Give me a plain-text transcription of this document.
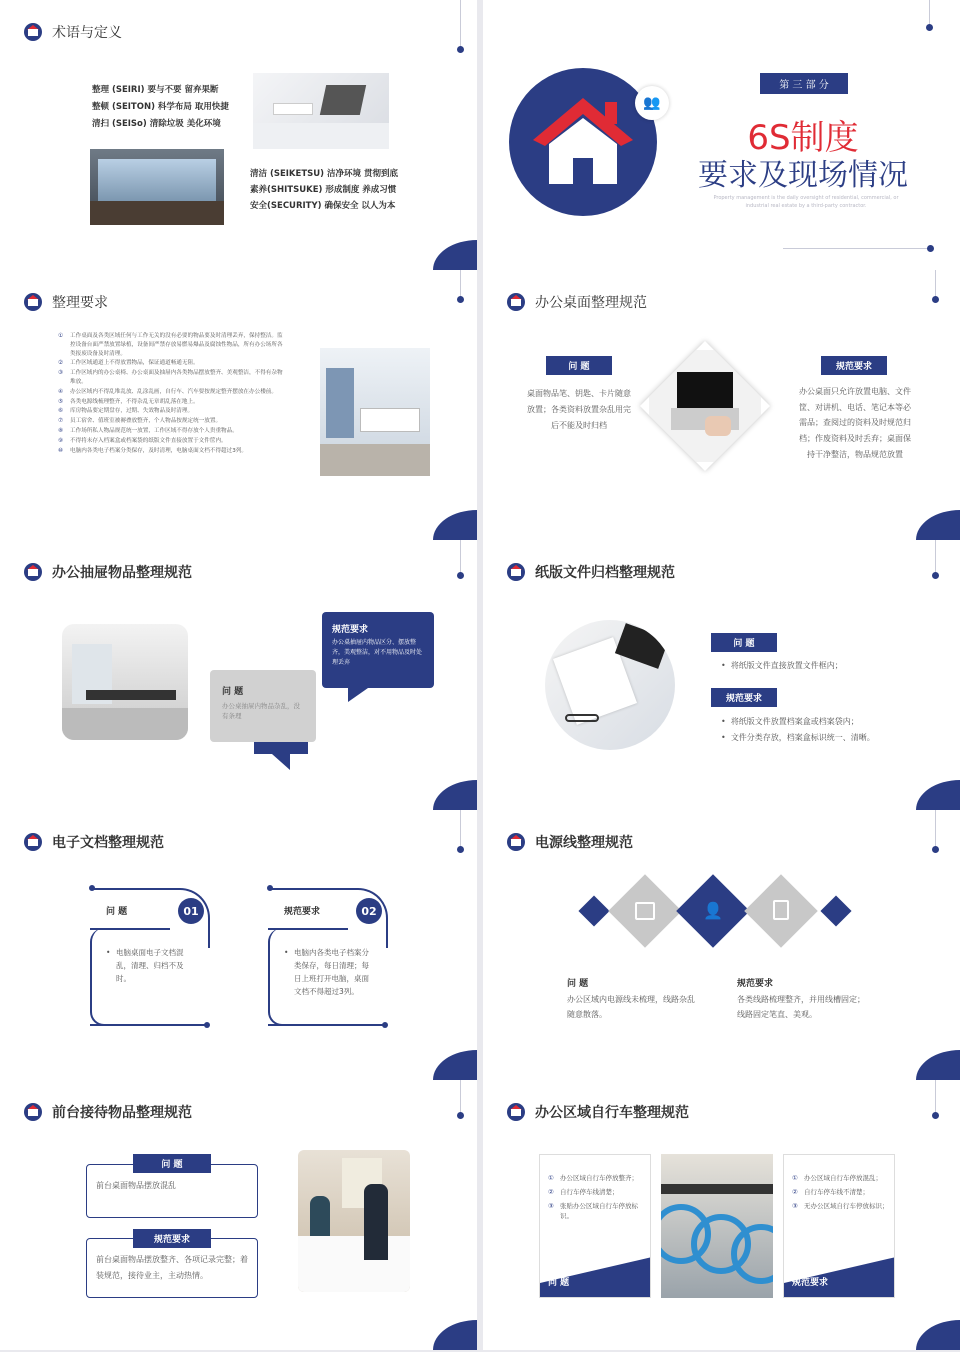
术语与定义
整理 (SEIRI) 要与不要 留弃果断
整顿 (SEITON) 科学布局 取用快捷
清扫 (SEISo) 清除垃圾 美化环境
清洁 (SEIKETSU) 洁净环境 贯彻到底
素养(SHITSUKE) 形成制度 养成习惯
安全(SECURITY) 确保安全 以人为本
👥
第 三 部 分
6S制度
要求及现场情况
Property management is the daily oversight of residential, commercial, or industrial real estate by a third-party contractor.
整理要求
①	工作桌面及各类区域任何与工作无关的没有必要的物品要及时清理丢弃，保持整洁。监控设备台面严禁放置绿植，设备间严禁存放易燃易爆品及腐蚀性物品，所有办公场所各类报废设备及时清理。
②	工作区域通道上不得放置物品，保证通道畅通无阻。
③	工作区域内的办公桌椅、办公桌面及抽屉内各类物品摆放整齐、美观整洁，不得有杂物堆放。
④	办公区域内不得乱堆乱放、乱涂乱画，自行车、汽车要按规定整齐摆放在办公楼前。
⑤	各类电源线梳理整齐，不得杂乱无章胡乱落在地上。
⑥	库房物品要定期盘存，过期、失效物品及时清理。
⑦	员工宿舍、值班室被褥叠放整齐，个人物品按规定统一放置。
⑧	工作场所私人物品规范统一放置，工作区域不得存放个人贵重物品。
⑨	不得将未存入档案盒或档案袋的纸版文件直接放置于文件筐内。
⑩	电脑内各类电子档案分类保存，及时清理，电脑桌面文档不得超过3列。
办公桌面整理规范
问 题
桌面物品笔、钥匙、卡片随意放置；各类资料放置杂乱用完后不能及时归档
规范要求
办公桌面只允许放置电脑、文件筐、对讲机、电话、笔记本等必需品；查阅过的资料及时规范归档；作废资料及时丢弃；桌面保持干净整洁，物品规范放置
办公抽屉物品整理规范
规范要求
办公桌抽屉内物品区分、摆放整齐，美观整洁，对不用物品及时处理丢弃
问 题
办公桌抽屉内物品杂乱，没有条理
纸版文件归档整理规范
问 题
•  将纸版文件直接放置文件框内；
规范要求
•  将纸版文件放置档案盒或档案袋内；
•  文件分类存放，档案盒标识统一、清晰。
电子文档整理规范
问 题	01
• 电脑桌面电子文档混乱，清理、归档不及时。
规范要求	02
• 电脑内各类电子档案分类保存，每日清理；每日上班打开电脑，桌面文档不得超过3列。
电源线整理规范
👤
问 题
办公区域内电源线未梳理，线路杂乱随意散落。
规范要求
各类线路梳理整齐，并用线槽固定；线路固定笔直、美观。
前台接待物品整理规范
问 题
前台桌面物品摆放混乱
规范要求
前台桌面物品摆放整齐、各项记录完整；着装规范，接待业主，主动热情。
办公区域自行车整理规范
问 题
① 办公区域自行车停放整齐；
② 自行车停车线清楚；
③ 张贴办公区域自行车停放标识。
规范要求
① 办公区域自行车停放混乱；
② 自行车停车线不清楚；
③ 无办公区域自行车停放标识；
